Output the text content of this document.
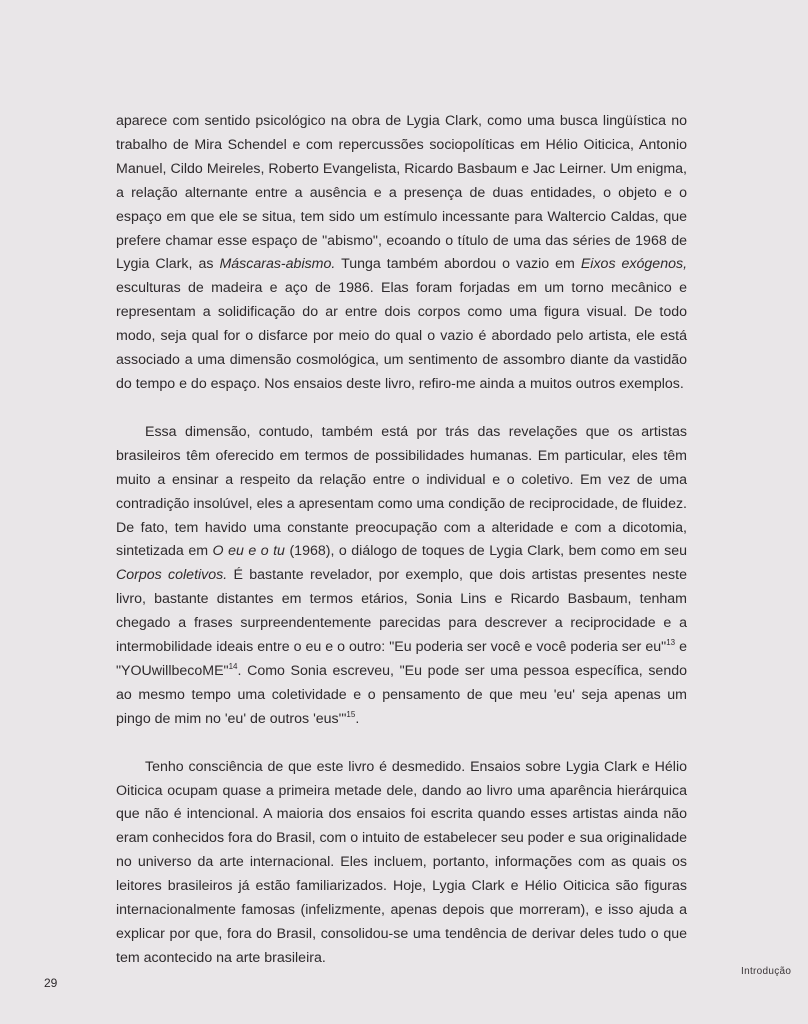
aparece com sentido psicológico na obra de Lygia Clark, como uma busca lingüística no trabalho de Mira Schendel e com repercussões sociopolíticas em Hélio Oiticica, Antonio Manuel, Cildo Meireles, Roberto Evangelista, Ricardo Basbaum e Jac Leirner. Um enigma, a relação alternante entre a ausência e a presença de duas entidades, o objeto e o espaço em que ele se situa, tem sido um estímulo incessante para Waltercio Caldas, que prefere chamar esse espaço de "abismo", ecoando o título de uma das séries de 1968 de Lygia Clark, as Máscaras-abismo. Tunga também abordou o vazio em Eixos exógenos, esculturas de madeira e aço de 1986. Elas foram forjadas em um torno mecânico e representam a solidificação do ar entre dois corpos como uma figura visual. De todo modo, seja qual for o disfarce por meio do qual o vazio é abordado pelo artista, ele está associado a uma dimensão cosmológica, um sentimento de assombro diante da vastidão do tempo e do espaço. Nos ensaios deste livro, refiro-me ainda a muitos outros exemplos.

Essa dimensão, contudo, também está por trás das revelações que os artistas brasileiros têm oferecido em termos de possibilidades humanas. Em particular, eles têm muito a ensinar a respeito da relação entre o individual e o coletivo. Em vez de uma contradição insolúvel, eles a apresentam como uma condição de reciprocidade, de fluidez. De fato, tem havido uma constante preocupação com a alteridade e com a dicotomia, sintetizada em O eu e o tu (1968), o diálogo de toques de Lygia Clark, bem como em seu Corpos coletivos. É bastante revelador, por exemplo, que dois artistas presentes neste livro, bastante distantes em termos etários, Sonia Lins e Ricardo Basbaum, tenham chegado a frases surpreendentemente parecidas para descrever a reciprocidade e a intermobilidade ideais entre o eu e o outro: "Eu poderia ser você e você poderia ser eu"$^{13}$ e "YOUwillbecoME"$^{14}$. Como Sonia escreveu, "Eu pode ser uma pessoa específica, sendo ao mesmo tempo uma coletividade e o pensamento de que meu 'eu' seja apenas um pingo de mim no 'eu' de outros 'eus'"$^{15}$.

Tenho consciência de que este livro é desmedido. Ensaios sobre Lygia Clark e Hélio Oiticica ocupam quase a primeira metade dele, dando ao livro uma aparência hierárquica que não é intencional. A maioria dos ensaios foi escrita quando esses artistas ainda não eram conhecidos fora do Brasil, com o intuito de estabelecer seu poder e sua originalidade no universo da arte internacional. Eles incluem, portanto, informações com as quais os leitores brasileiros já estão familiarizados. Hoje, Lygia Clark e Hélio Oiticica são figuras internacionalmente famosas (infelizmente, apenas depois que morreram), e isso ajuda a explicar por que, fora do Brasil, consolidou-se uma tendência de derivar deles tudo o que tem acontecido na arte brasileira.

29
Introdução
